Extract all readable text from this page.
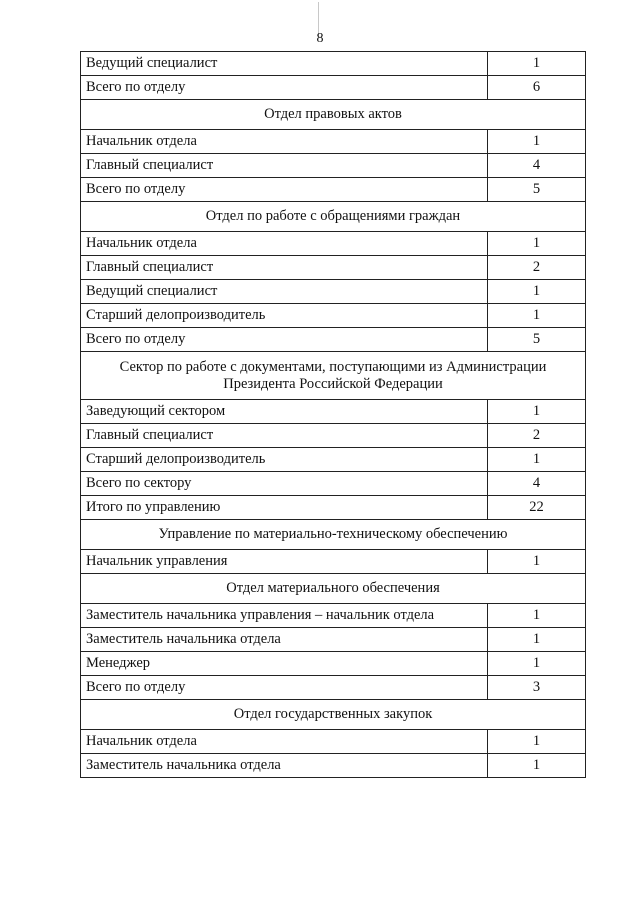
8
Ведущий специалист	1
Всего по отделу	6
Отдел правовых актов	
Начальник отдела	1
Главный специалист	4
Всего по отделу	5
Отдел по работе с обращениями граждан	
Начальник отдела	1
Главный специалист	2
Ведущий специалист	1
Старший делопроизводитель	1
Всего по отделу	5
Сектор по работе с документами, поступающими из Администрации Президента Российской Федерации	
Заведующий сектором	1
Главный специалист	2
Старший делопроизводитель	1
Всего по сектору	4
Итого по управлению	22
Управление по материально-техническому обеспечению	
Начальник управления	1
Отдел материального обеспечения	
Заместитель начальника управления – начальник отдела	1
Заместитель начальника отдела	1
Менеджер	1
Всего по отделу	3
Отдел государственных закупок	
Начальник отдела	1
Заместитель начальника отдела	1
